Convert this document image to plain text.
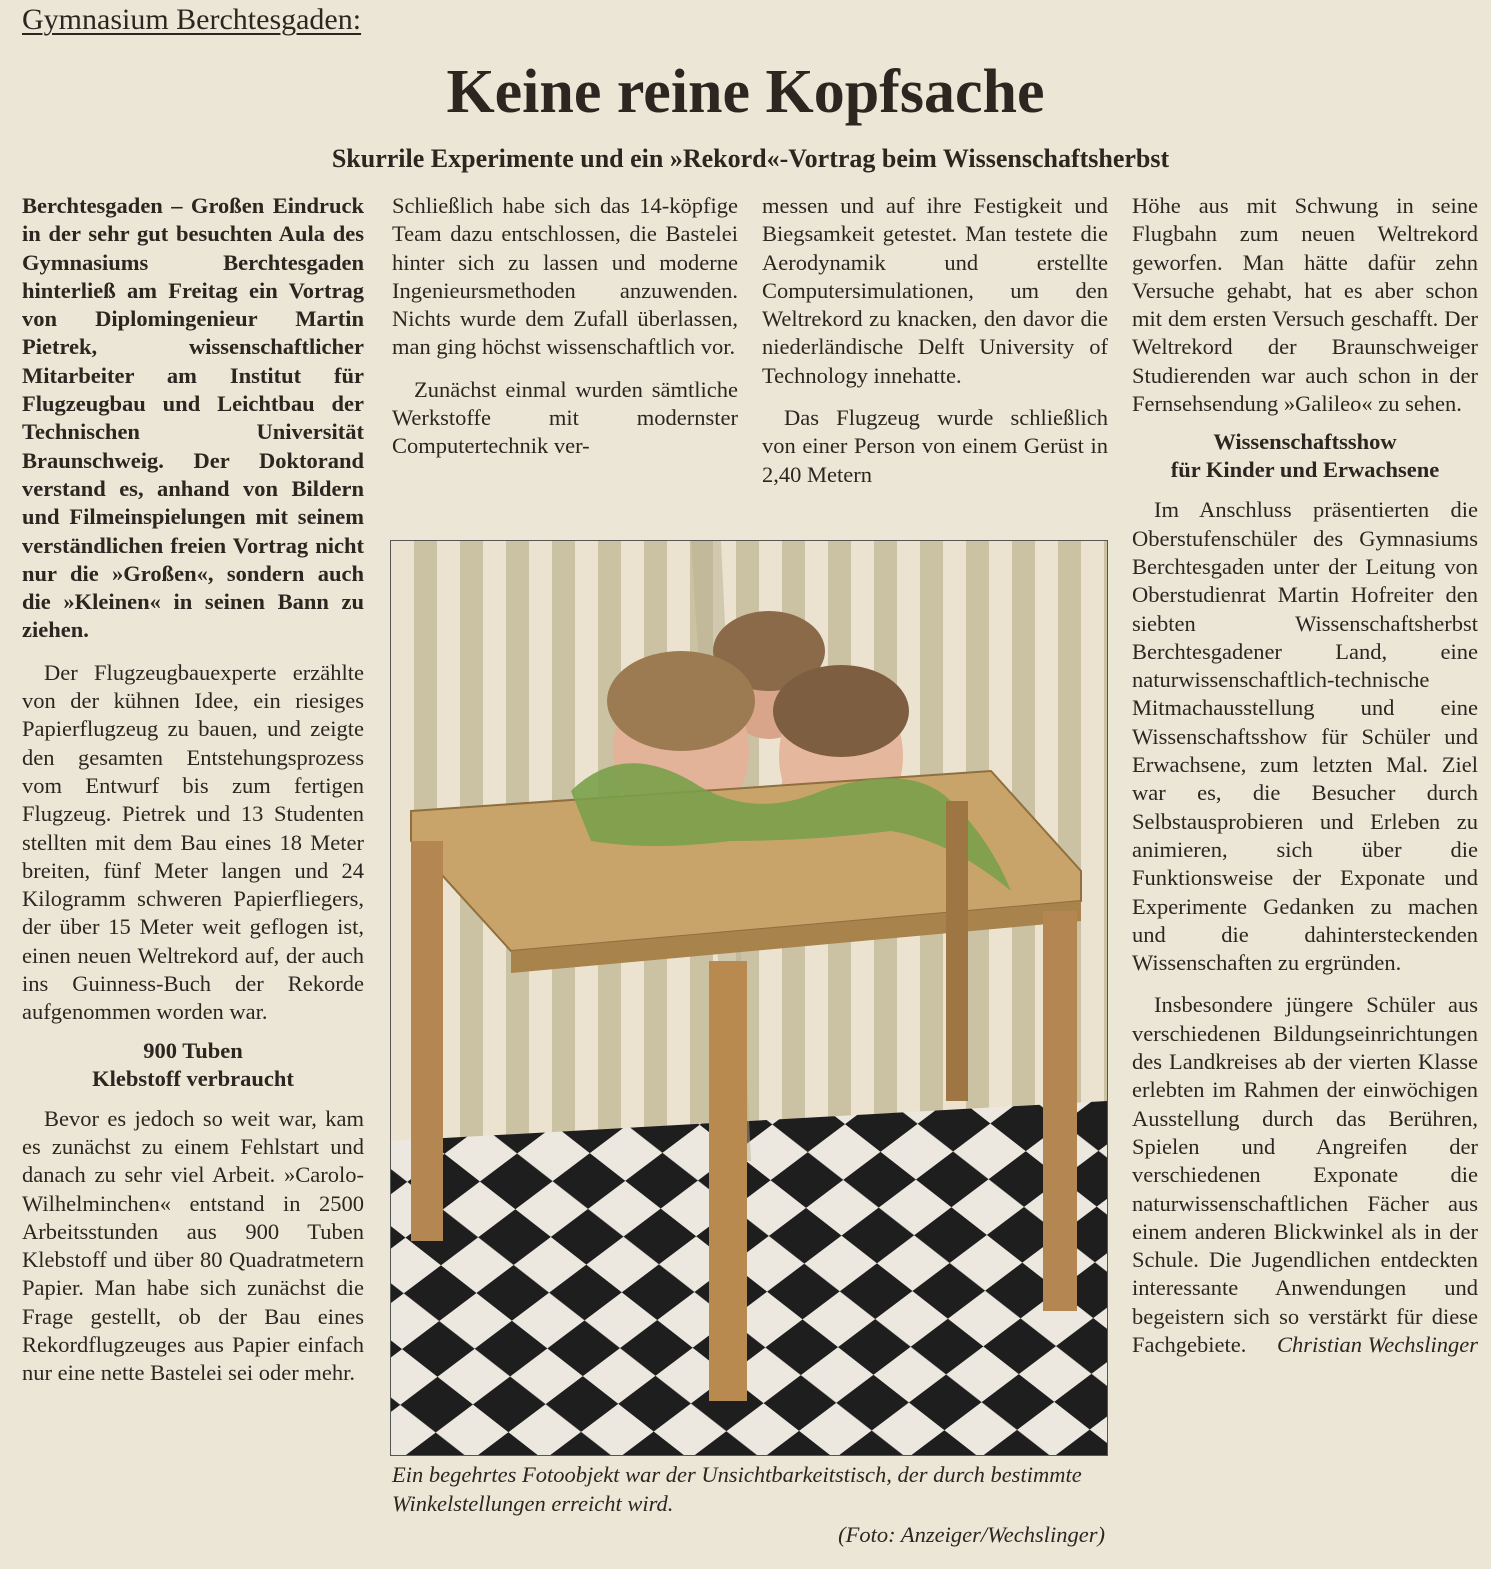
Gymnasium Berchtesgaden:
Keine reine Kopfsache
Skurrile Experimente und ein »Rekord«-Vortrag beim Wissenschaftsherbst

Berchtesgaden – Großen Eindruck in der sehr gut besuchten Aula des Gymnasiums Berchtesgaden hinterließ am Freitag ein Vortrag von Diplomingenieur Martin Pietrek, wissenschaftlicher Mitarbeiter am Institut für Flugzeugbau und Leichtbau der Technischen Universität Braunschweig. Der Doktorand verstand es, anhand von Bildern und Filmeinspielungen mit seinem verständlichen freien Vortrag nicht nur die »Großen«, sondern auch die »Kleinen« in seinen Bann zu ziehen.

Der Flugzeugbauexperte erzählte von der kühnen Idee, ein riesiges Papierflugzeug zu bauen, und zeigte den gesamten Entstehungsprozess vom Entwurf bis zum fertigen Flugzeug. Pietrek und 13 Studenten stellten mit dem Bau eines 18 Meter breiten, fünf Meter langen und 24 Kilogramm schweren Papierfliegers, der über 15 Meter weit geflogen ist, einen neuen Weltrekord auf, der auch ins Guinness-Buch der Rekorde aufgenommen worden war.

900 Tuben
Klebstoff verbraucht

Bevor es jedoch so weit war, kam es zunächst zu einem Fehlstart und danach zu sehr viel Arbeit. »Carolo-Wilhelminchen« entstand in 2500 Arbeitsstunden aus 900 Tuben Klebstoff und über 80 Quadratmetern Papier. Man habe sich zunächst die Frage gestellt, ob der Bau eines Rekordflugzeuges aus Papier einfach nur eine nette Bastelei sei oder mehr.

Schließlich habe sich das 14-köpfige Team dazu entschlossen, die Bastelei hinter sich zu lassen und moderne Ingenieursmethoden anzuwenden. Nichts wurde dem Zufall überlassen, man ging höchst wissenschaftlich vor.

Zunächst einmal wurden sämtliche Werkstoffe mit modernster Computertechnik ver-

messen und auf ihre Festigkeit und Biegsamkeit getestet. Man testete die Aerodynamik und erstellte Computersimulationen, um den Weltrekord zu knacken, den davor die niederländische Delft University of Technology innehatte.

Das Flugzeug wurde schließlich von einer Person von einem Gerüst in 2,40 Metern

Höhe aus mit Schwung in seine Flugbahn zum neuen Weltrekord geworfen. Man hätte dafür zehn Versuche gehabt, hat es aber schon mit dem ersten Versuch geschafft. Der Weltrekord der Braunschweiger Studierenden war auch schon in der Fernsehsendung »Galileo« zu sehen.

Wissenschaftsshow
für Kinder und Erwachsene

Im Anschluss präsentierten die Oberstufenschüler des Gymnasiums Berchtesgaden unter der Leitung von Oberstudienrat Martin Hofreiter den siebten Wissenschaftsherbst Berchtesgadener Land, eine naturwissenschaftlich-technische Mitmachausstellung und eine Wissenschaftsshow für Schüler und Erwachsene, zum letzten Mal. Ziel war es, die Besucher durch Selbstausprobieren und Erleben zu animieren, sich über die Funktionsweise der Exponate und Experimente Gedanken zu machen und die dahintersteckenden Wissenschaften zu ergründen.

Insbesondere jüngere Schüler aus verschiedenen Bildungseinrichtungen des Landkreises ab der vierten Klasse erlebten im Rahmen der einwöchigen Ausstellung durch das Berühren, Spielen und Angreifen der verschiedenen Exponate die naturwissenschaftlichen Fächer aus einem anderen Blickwinkel als in der Schule. Die Jugendlichen entdeckten interessante Anwendungen und begeistern sich so verstärkt für diese Fachgebiete.	Christian Wechslinger

Ein begehrtes Fotoobjekt war der Unsichtbarkeitstisch, der durch bestimmte Winkelstellungen erreicht wird.
(Foto: Anzeiger/Wechslinger)
